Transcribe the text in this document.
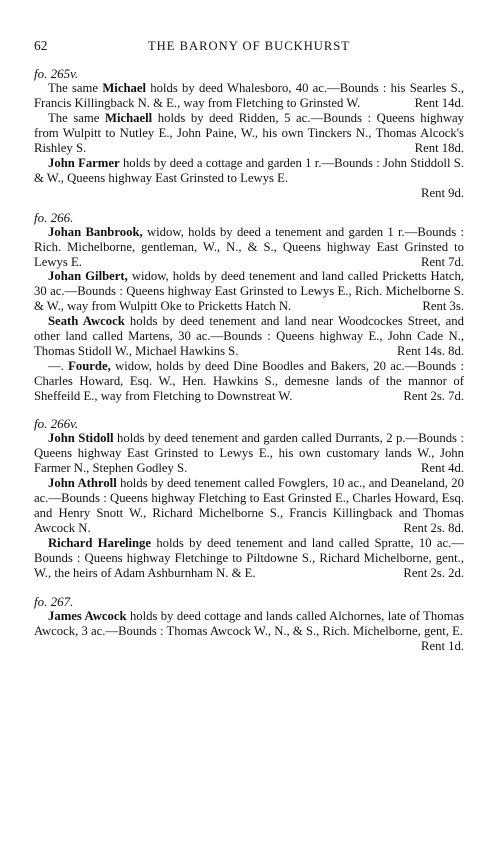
62	THE BARONY OF BUCKHURST
fo. 265v.

The same Michael holds by deed Whalesboro, 40 ac.—Bounds : his Searles S., Francis Killingback N. & E., way from Fletching to Grinsted W.	Rent 14d.

The same Michaell holds by deed Ridden, 5 ac.—Bounds : Queens highway from Wulpitt to Nutley E., John Paine, W., his own Tinckers N., Thomas Alcock's Rishley S.	Rent 18d.

John Farmer holds by deed a cottage and garden 1 r.—Bounds : John Stiddoll S. & W., Queens highway East Grinsted to Lewys E.
Rent 9d.

fo. 266.

Johan Banbrook, widow, holds by deed a tenement and garden 1 r.—Bounds : Rich. Michelborne, gentleman, W., N., & S., Queens highway East Grinsted to Lewys E.	Rent 7d.

Johan Gilbert, widow, holds by deed tenement and land called Pricketts Hatch, 30 ac.—Bounds : Queens highway East Grinsted to Lewys E., Rich. Michelborne S. & W., way from Wulpitt Oke to Pricketts Hatch N.	Rent 3s.

Seath Awcock holds by deed tenement and land near Woodcockes Street, and other land called Martens, 30 ac.—Bounds : Queens highway E., John Cade N., Thomas Stidoll W., Michael Hawkins S.	Rent 14s. 8d.

—. Fourde, widow, holds by deed Dine Boodles and Bakers, 20 ac.—Bounds : Charles Howard, Esq. W., Hen. Hawkins S., demesne lands of the mannor of Sheffeild E., way from Fletching to Downstreat W.	Rent 2s. 7d.

fo. 266v.

John Stidoll holds by deed tenement and garden called Durrants, 2 p.—Bounds : Queens highway East Grinsted to Lewys E., his own customary lands W., John Farmer N., Stephen Godley S.	Rent 4d.

John Athroll holds by deed tenement called Fowglers, 10 ac., and Deaneland, 20 ac.—Bounds : Queens highway Fletching to East Grinsted E., Charles Howard, Esq. and Henry Snott W., Richard Michelborne S., Francis Killingback and Thomas Awcock N.	Rent 2s. 8d.

Richard Harelinge holds by deed tenement and land called Spratte, 10 ac.—Bounds : Queens highway Fletchinge to Piltdowne S., Richard Michelborne, gent., W., the heirs of Adam Ashburnham N. & E.	Rent 2s. 2d.

fo. 267.

James Awcock holds by deed cottage and lands called Alchornes, late of Thomas Awcock, 3 ac.—Bounds : Thomas Awcock W., N., & S., Rich. Michelborne, gent, E.
Rent 1d.
